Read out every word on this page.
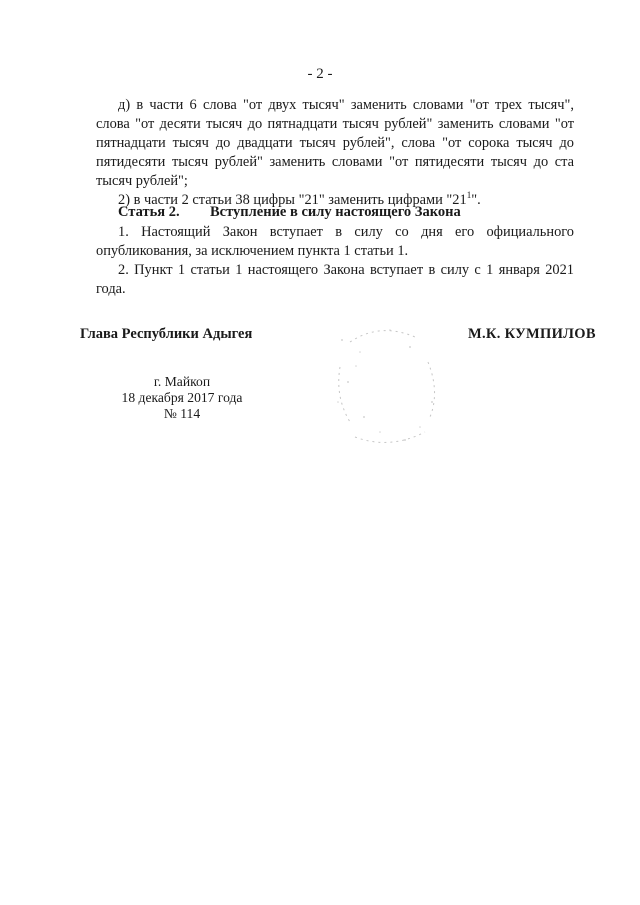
- 2 -

д) в части 6 слова "от двух тысяч" заменить словами "от трех тысяч", слова "от десяти тысяч до пятнадцати тысяч рублей" заменить словами "от пятнадцати тысяч до двадцати тысяч рублей", слова "от сорока тысяч до пятидесяти тысяч рублей" заменить словами "от пятидесяти тысяч до ста тысяч рублей";

2) в части 2 статьи 38 цифры "21" заменить цифрами "$21^1$".

Статья 2. Вступление в силу настоящего Закона

1. Настоящий Закон вступает в силу со дня его официального опубликования, за исключением пункта 1 статьи 1.

2. Пункт 1 статьи 1 настоящего Закона вступает в силу с 1 января 2021 года.

Глава Республики Адыгея	М.К. КУМПИЛОВ
г. Майкоп
18 декабря 2017 года
№ 114
